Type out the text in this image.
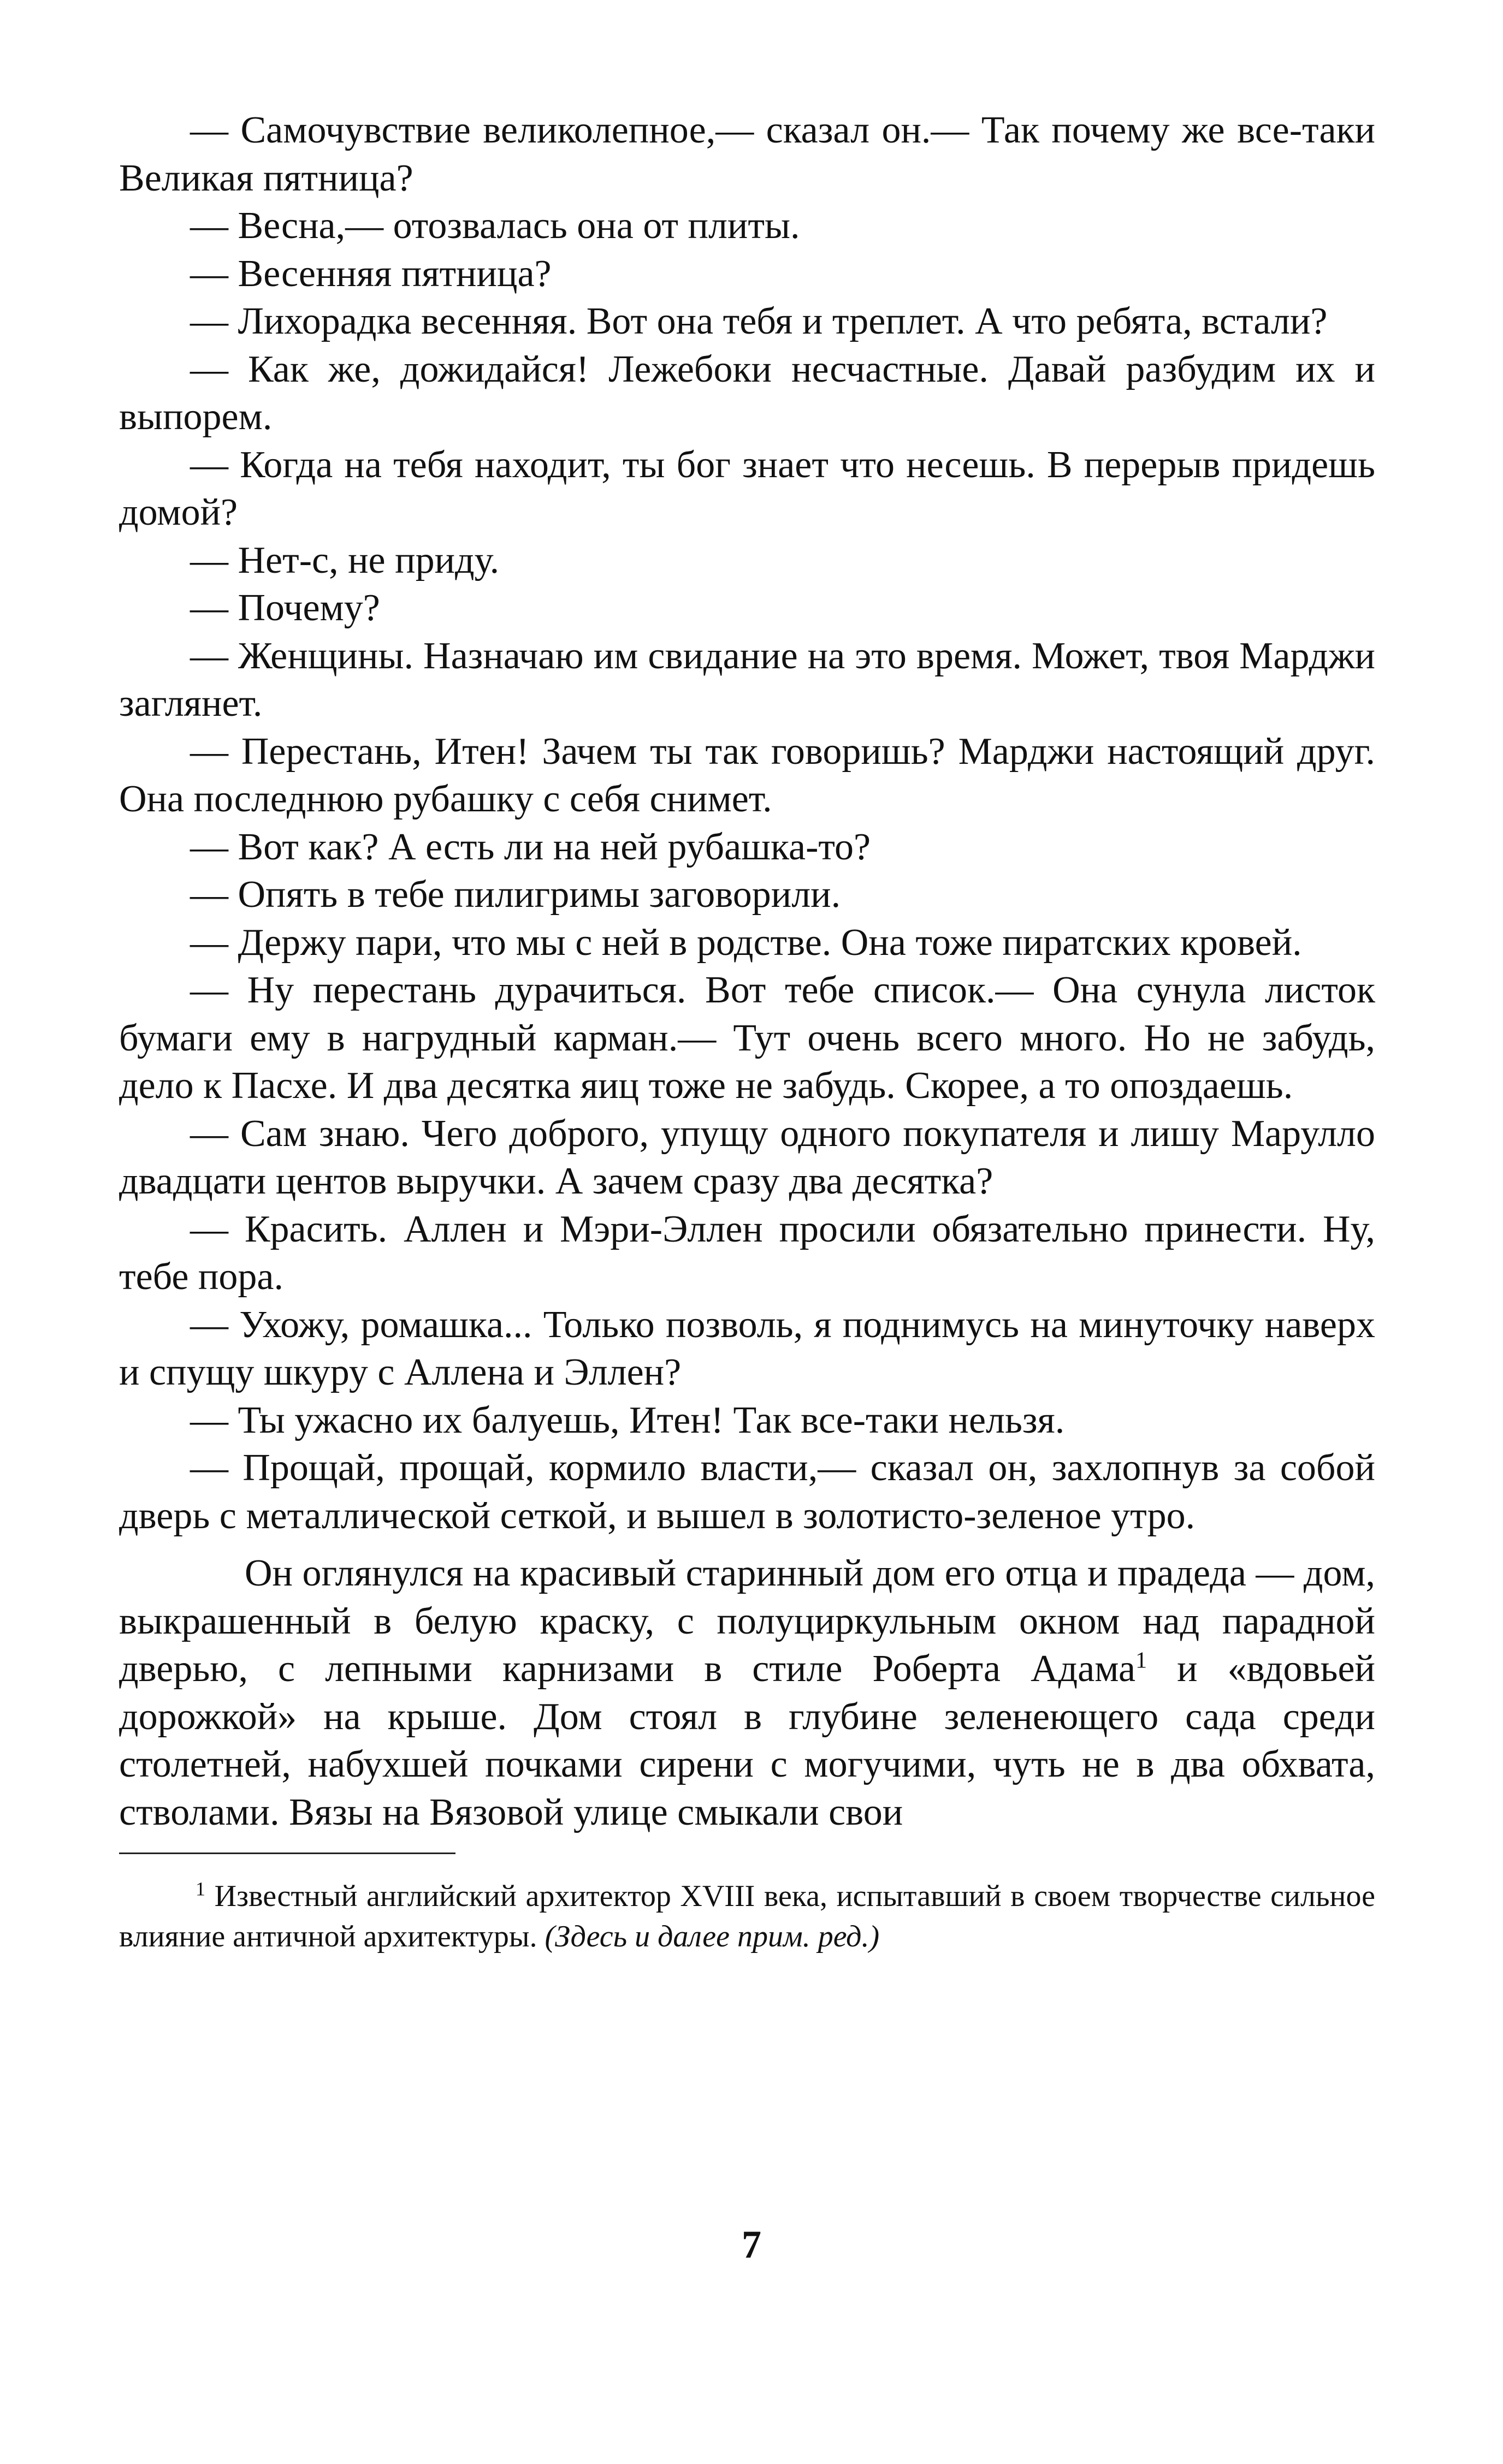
— Самочувствие великолепное,— сказал он.— Так почему же все-таки Великая пятница?

— Весна,— отозвалась она от плиты.

— Весенняя пятница?

— Лихорадка весенняя. Вот она тебя и треплет. А что ребята, встали?

— Как же, дожидайся! Лежебоки несчастные. Давай разбудим их и выпорем.

— Когда на тебя находит, ты бог знает что несешь. В перерыв придешь домой?

— Нет-с, не приду.

— Почему?

— Женщины. Назначаю им свидание на это время. Может, твоя Марджи заглянет.

— Перестань, Итен! Зачем ты так говоришь? Марджи настоящий друг. Она последнюю рубашку с себя снимет.

— Вот как? А есть ли на ней рубашка-то?

— Опять в тебе пилигримы заговорили.

— Держу пари, что мы с ней в родстве. Она тоже пиратских кровей.

— Ну перестань дурачиться. Вот тебе список.— Она сунула листок бумаги ему в нагрудный карман.— Тут очень всего много. Но не забудь, дело к Пасхе. И два десятка яиц тоже не забудь. Скорее, а то опоздаешь.

— Сам знаю. Чего доброго, упущу одного покупателя и лишу Марулло двадцати центов выручки. А зачем сразу два десятка?

— Красить. Аллен и Мэри-Эллен просили обязательно принести. Ну, тебе пора.

— Ухожу, ромашка... Только позволь, я поднимусь на минуточку наверх и спущу шкуру с Аллена и Эллен?

— Ты ужасно их балуешь, Итен! Так все-таки нельзя.

— Прощай, прощай, кормило власти,— сказал он, захлопнув за собой дверь с металлической сеткой, и вышел в золотисто-зеленое утро.

Он оглянулся на красивый старинный дом его отца и прадеда — дом, выкрашенный в белую краску, с полуциркульным окном над парадной дверью, с лепными карнизами в стиле Роберта Адама$^1$ и «вдовьей дорожкой» на крыше. Дом стоял в глубине зеленеющего сада среди столетней, набухшей почками сирени с могучими, чуть не в два обхвата, стволами. Вязы на Вязовой улице смыкали свои

$^1$ Известный английский архитектор XVIII века, испытавший в своем творчестве сильное влияние античной архитектуры. (Здесь и далее прим. ред.)

7
